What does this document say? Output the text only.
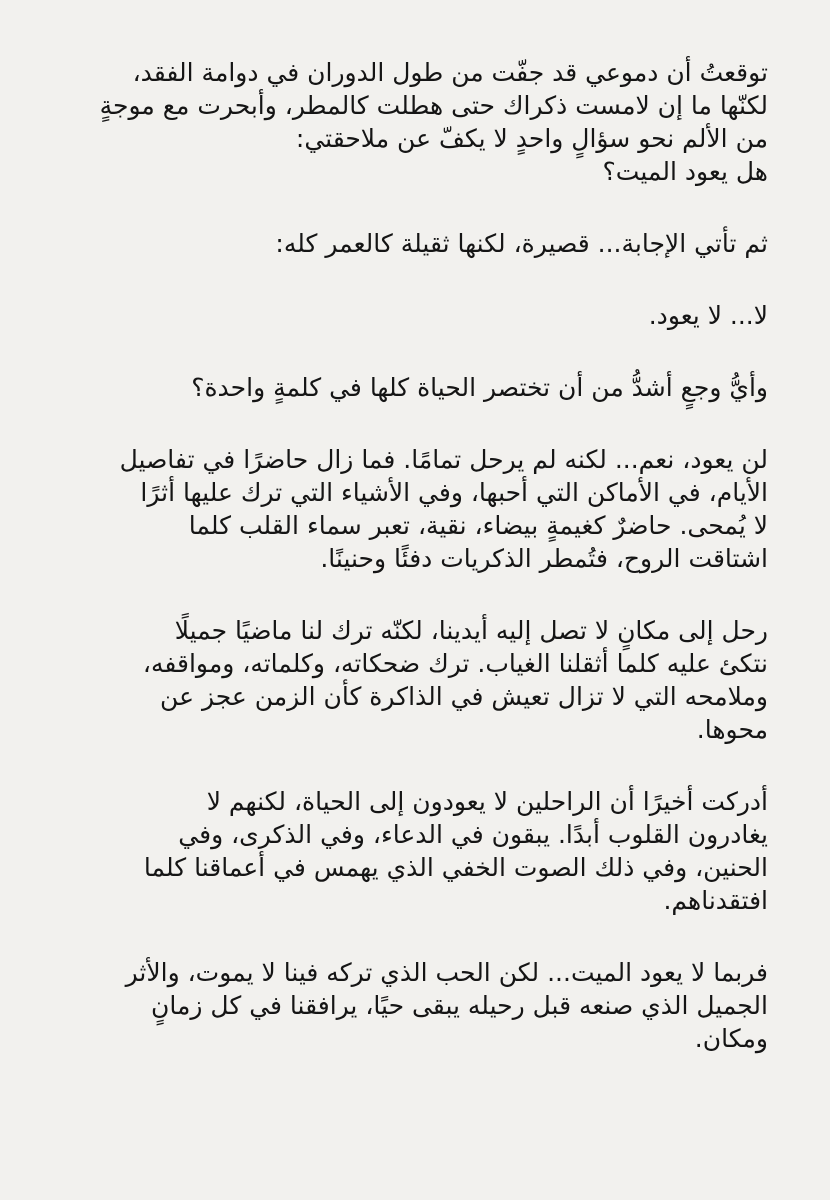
توقعتُ أن دموعي قد جفّت من طول الدوران في دوامة الفقد،
لكنّها ما إن لامست ذكراك حتى هطلت كالمطر، وأبحرت مع موجةٍ
من الألم نحو سؤالٍ واحدٍ لا يكفّ عن ملاحقتي:
هل يعود الميت؟
ثم تأتي الإجابة... قصيرة، لكنها ثقيلة كالعمر كله:
لا... لا يعود.
وأيُّ وجعٍ أشدُّ من أن تختصر الحياة كلها في كلمةٍ واحدة؟
لن يعود، نعم... لكنه لم يرحل تمامًا. فما زال حاضرًا في تفاصيل
الأيام، في الأماكن التي أحبها، وفي الأشياء التي ترك عليها أثرًا
لا يُمحى. حاضرٌ كغيمةٍ بيضاء، نقية، تعبر سماء القلب كلما
اشتاقت الروح، فتُمطر الذكريات دفئًا وحنينًا.
رحل إلى مكانٍ لا تصل إليه أيدينا، لكنّه ترك لنا ماضيًا جميلًا
نتكئ عليه كلما أثقلنا الغياب. ترك ضحكاته، وكلماته، ومواقفه،
وملامحه التي لا تزال تعيش في الذاكرة كأن الزمن عجز عن
محوها.
أدركت أخيرًا أن الراحلين لا يعودون إلى الحياة، لكنهم لا
يغادرون القلوب أبدًا. يبقون في الدعاء، وفي الذكرى، وفي
الحنين، وفي ذلك الصوت الخفي الذي يهمس في أعماقنا كلما
افتقدناهم.
فربما لا يعود الميت... لكن الحب الذي تركه فينا لا يموت، والأثر
الجميل الذي صنعه قبل رحيله يبقى حيًا، يرافقنا في كل زمانٍ
ومكان.
